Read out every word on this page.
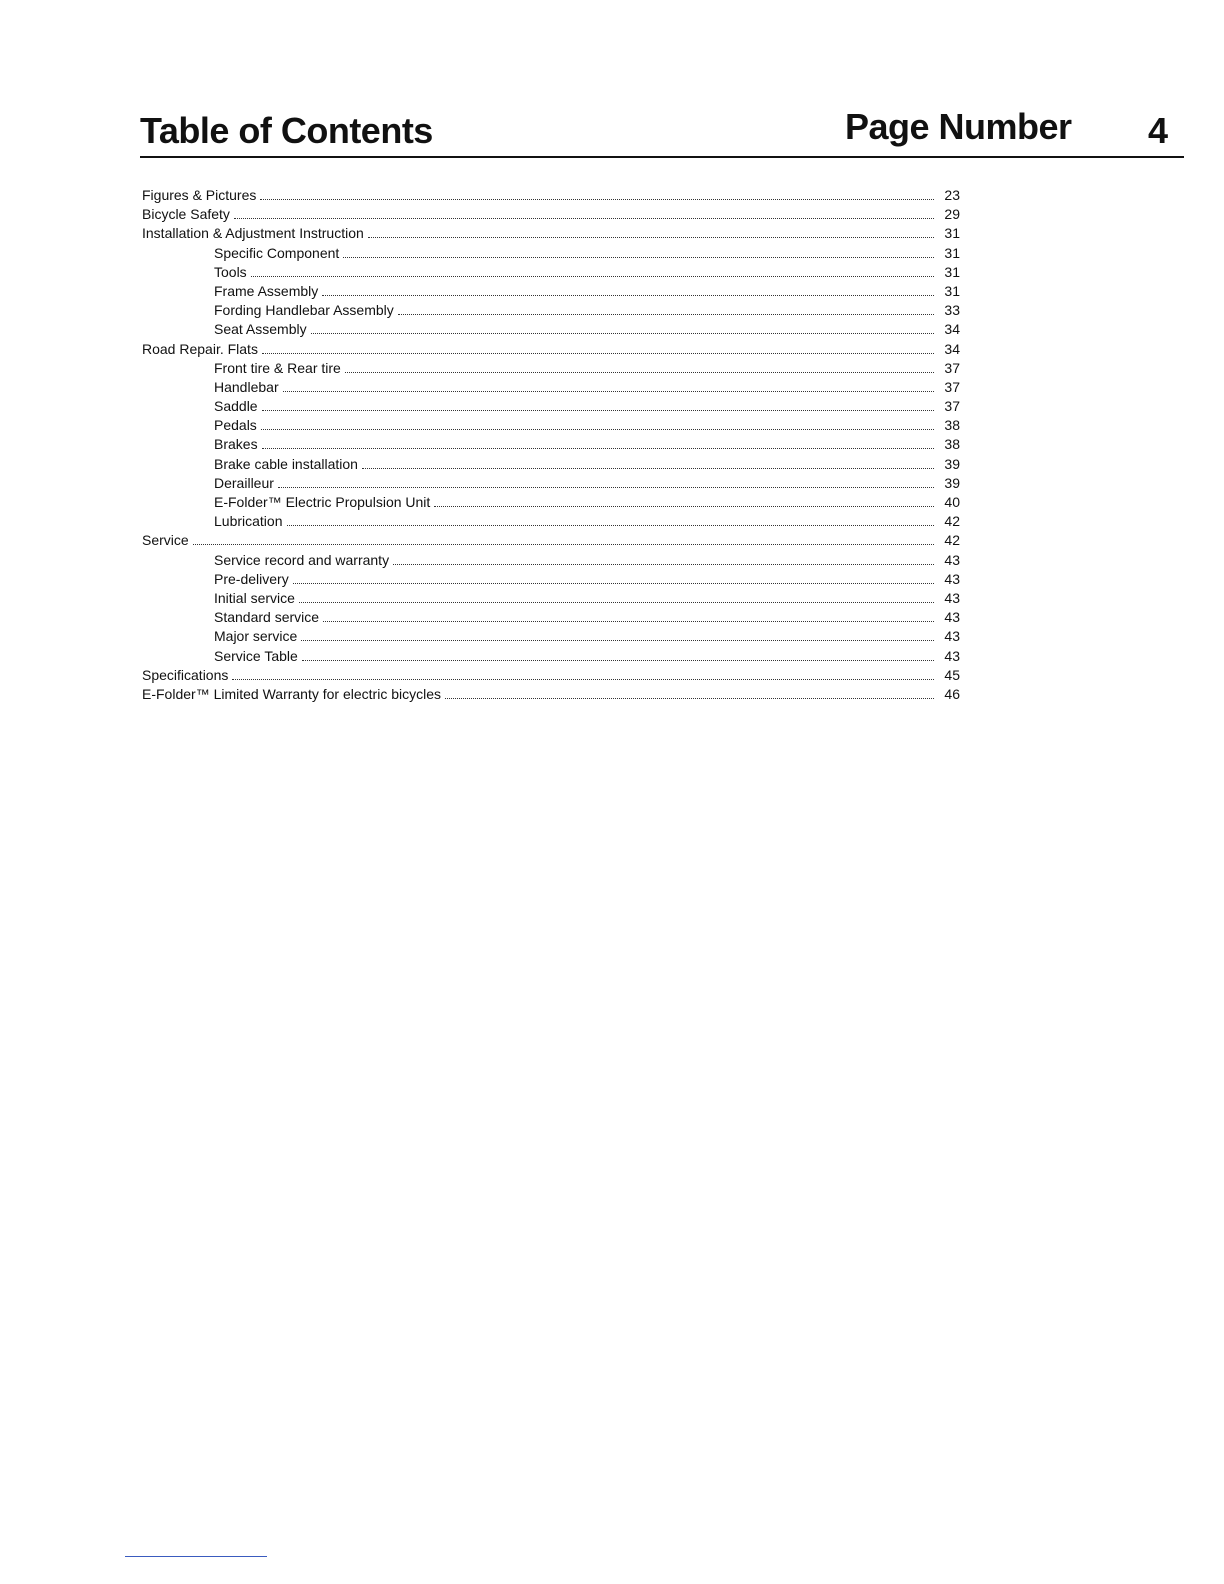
Table of Contents	Page Number 4
Figures & Pictures	23
Bicycle Safety	29
Installation & Adjustment Instruction	31
Specific Component	31
Tools	31
Frame Assembly	31
Fording Handlebar Assembly	33
Seat Assembly	34
Road Repair. Flats	34
Front tire & Rear tire	37
Handlebar	37
Saddle	37
Pedals	38
Brakes	38
Brake cable installation	39
Derailleur	39
E-Folder™ Electric Propulsion Unit	40
Lubrication	42
Service	42
Service record and warranty	43
Pre-delivery	43
Initial service	43
Standard service	43
Major service	43
Service Table	43
Specifications	45
E-Folder™ Limited Warranty for electric bicycles	46
